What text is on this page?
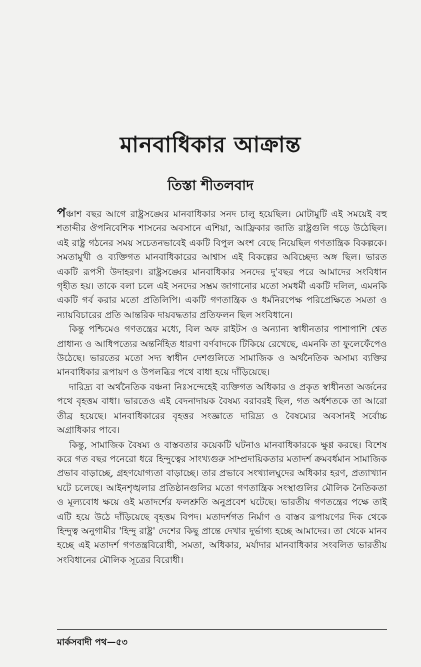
মানবাধিকার আক্রান্ত
তিস্তা শীতলবাদ

পঞ্চাশ বছর আগে রাষ্ট্রসঙ্ঘের মানবাধিকার সনদ চালু হয়েছিল। মোটামুটি এই সময়েই বহু শতাব্দীর ঔপনিবেশিক শাসনের অবসানে এশিয়া, আফ্রিকার জাতি রাষ্ট্রগুলি গড়ে উঠেছিল। এই রাষ্ট্র গঠনের সময় সচেতনভাবেই একটি বিপুল অংশ বেছে নিয়েছিল গণতান্ত্রিক বিকল্পকে। সমতামুখী ও ব্যক্তিগত মানবাধিকারের আশ্বাস এই বিকল্পের অবিচ্ছেদ্য অঙ্গ ছিল। ভারত একটি রূপসী উদাহরণ। রাষ্ট্রসঙ্ঘের মানবাধিকার সনদের দু'বছর পরে আমাদের সংবিধান গৃহীত হয়। তাকে বলা চলে এই সনদের সম্ভ্রম জাগানোর মতো সমধর্মী একটি দলিল, এমনকি একটি গর্ব করার মতো প্রতিলিপি। একটি গণতান্ত্রিক ও ধর্মনিরপেক্ষ পরিপ্রেক্ষিতে সমতা ও ন্যায়বিচারের প্রতি আন্তরিক দায়বদ্ধতার প্রতিফলন ছিল সংবিধানে।

কিন্তু পশ্চিমেও গণতন্ত্রের মধ্যে, বিল অফ রাইটস ও অন্যান্য স্বাধীনতার পাশাপাশি শ্বেত প্রাধান্য ও আধিপত্যের অন্তর্নিহিত ধারণা বর্ণবাদকে টিকিয়ে রেখেছে, এমনকি তা ফুলেফেঁপেও উঠেছে। ভারতের মতো সদ্য স্বাধীন দেশগুলিতে সামাজিক ও অর্থনৈতিক অসাম্য ব্যক্তির মানবাধিকার রূপায়ণ ও উপলব্ধির পথে বাধা হয়ে দাঁড়িয়েছে।

দারিদ্র্য বা অর্থনৈতিক বঞ্চনা নিঃসন্দেহেই ব্যক্তিগত অধিকার ও প্রকৃত স্বাধীনতা অর্জনের পথে বৃহত্তম বাধা। ভারতেও এই বেদনাদায়ক বৈষম্য বরাবরই ছিল, গত অর্ধশতকে তা আরো তীব্র হয়েছে। মানবাধিকারের বৃহত্তর সংজ্ঞাতে দারিদ্র্য ও বৈষম্যের অবসানই সর্বোচ্চ অগ্রাধিকার পাবে।

কিন্তু, সামাজিক বৈষম্য ও বাস্তবতার কয়েকটি ঘটনাও মানবাধিকারকে ক্ষুণ্ণ করছে। বিশেষ করে গত বছর পনেরো ধরে হিন্দুত্বের সাংখ্যগুরু সাম্প্রদায়িকতার মতাদর্শ ক্রমবর্ধমান সামাজিক প্রভাব বাড়াচ্ছে, গ্রহণযোগ্যতা বাড়াচ্ছে। তার প্রভাবে সংখ্যালঘুদের অধিকার হরণ, প্রত্যাখ্যান ঘটে চলেছে। আইনশৃঙ্খলার প্রতিষ্ঠানগুলির মতো গণতান্ত্রিক সংস্থাগুলির মৌলিক নৈতিকতা ও মূল্যবোধ ক্ষয়ে ওই মতাদর্শের ফলশ্রুতি অনুপ্রবেশ ঘটেছে। ভারতীয় গণতন্ত্রের পক্ষে তাই এটি হয়ে উঠে দাঁড়িয়েছে বৃহত্তম বিপদ। মতাদর্শগত নির্মাণ ও বাস্তব রূপায়ণের দিক থেকে হিন্দুত্ব অনুগামীর 'হিন্দু রাষ্ট্র' দেশের কিছু প্রান্তে দেখার দুর্ভাগ্য হচ্ছে আমাদের। তা থেকে মানব হচ্ছে এই মতাদর্শ গণতন্ত্রবিরোধী, সমতা, অধিকার, মর্যাদার মানবাধিকার সংবলিত ভারতীয় সংবিধানের মৌলিক সূত্রের বিরোধী।

মার্কসবাদী পথ—৫৩
